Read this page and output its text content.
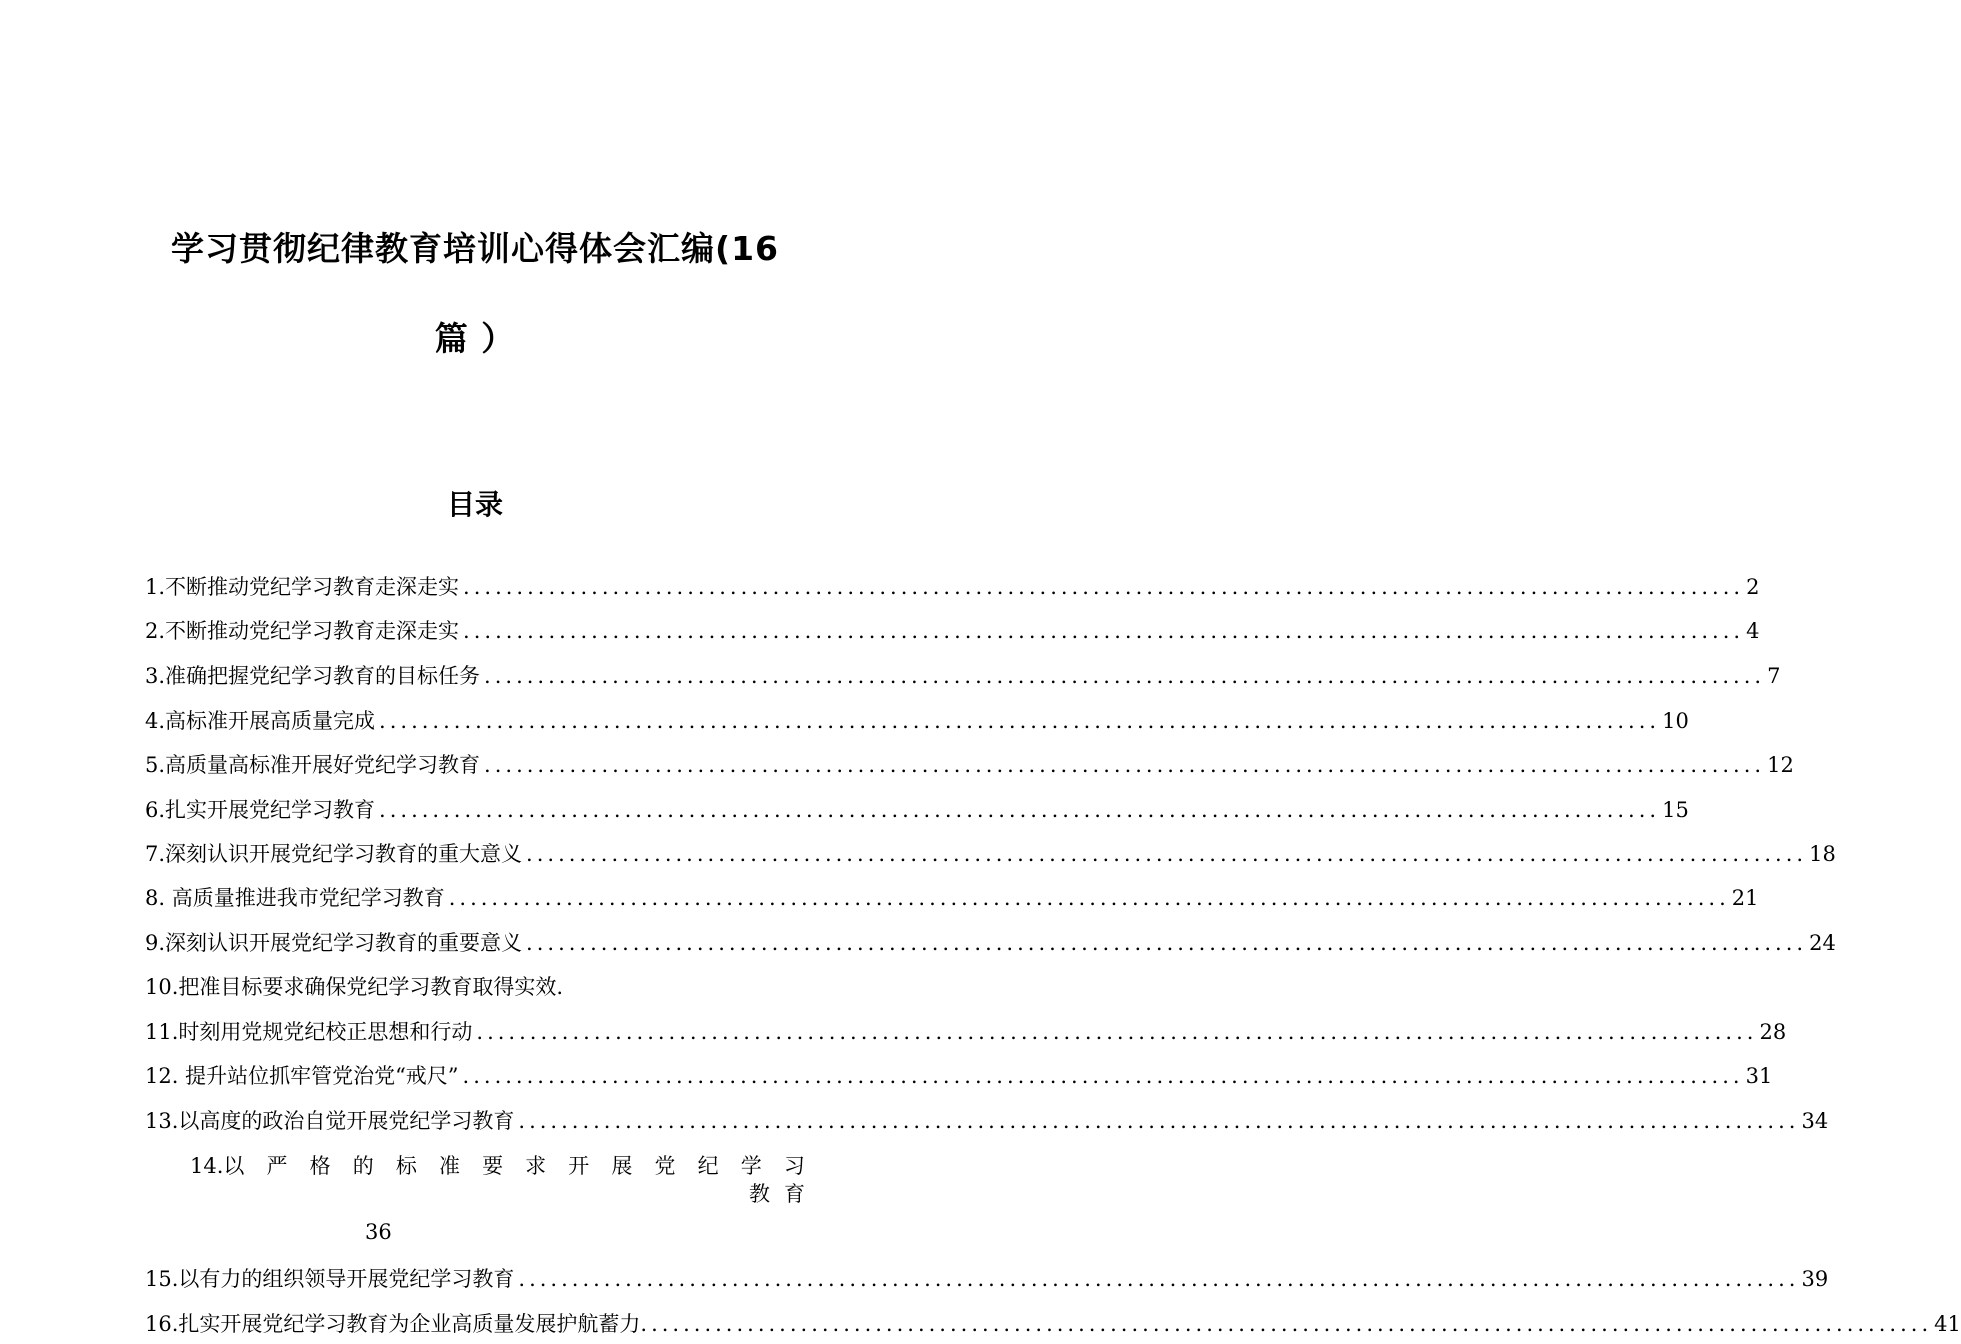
学习贯彻纪律教育培训心得体会汇编(16
篇 ）
目录
1.不断推动党纪学习教育走深走实 ........................................................................................................................ 2
2.不断推动党纪学习教育走深走实 ........................................................................................................................ 4
3.准确把握党纪学习教育的目标任务 ........................................................................................................................ 7
4.高标准开展高质量完成 ........................................................................................................................ 10
5.高质量高标准开展好党纪学习教育 ........................................................................................................................ 12
6.扎实开展党纪学习教育 ........................................................................................................................ 15
7.深刻认识开展党纪学习教育的重大意义 ........................................................................................................................ 18
8. 高质量推进我市党纪学习教育 ........................................................................................................................ 21
9.深刻认识开展党纪学习教育的重要意义 ........................................................................................................................ 24
10.把准目标要求确保党纪学习教育取得实效.
11.时刻用党规党纪校正思想和行动 ........................................................................................................................ 28
12. 提升站位抓牢管党治党“戒尺” ........................................................................................................................ 31
13.以高度的政治自觉开展党纪学习教育 ........................................................................................................................ 34
14.以 严 格 的 标 准 要 求 开 展 党 纪 学 习
教育
36
15.以有力的组织领导开展党纪学习教育 ........................................................................................................................ 39
16.扎实开展党纪学习教育为企业高质量发展护航蓄力. ........................................................................................................................ 41
